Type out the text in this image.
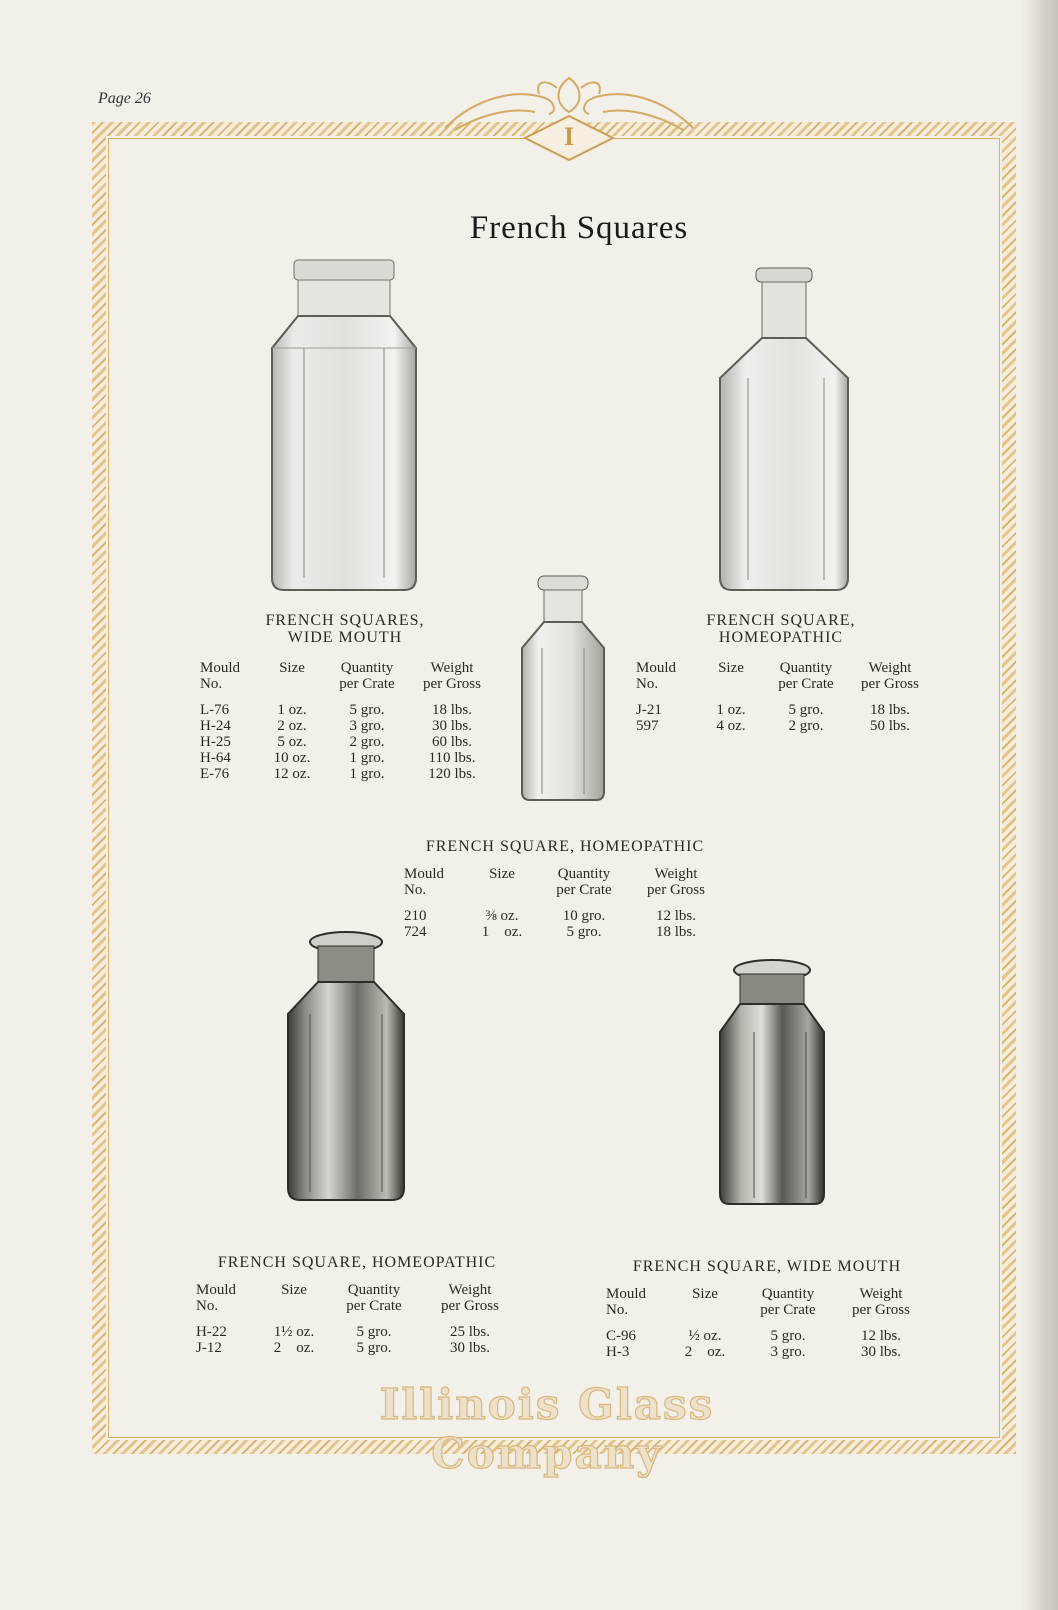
Page 26
I
French Squares
FRENCH SQUARES,
WIDE MOUTH
Mould
No.
Size	Quantity
per Crate
Weight
per Gross
L-76	1 oz.	5 gro.	18 lbs.
H-24	2 oz.	3 gro.	30 lbs.
H-25	5 oz.	2 gro.	60 lbs.
H-64	10 oz.	1 gro.	110 lbs.
E-76	12 oz.	1 gro.	120 lbs.
FRENCH SQUARE,
HOMEOPATHIC
Mould
No.
Size	Quantity
per Crate
Weight
per Gross
J-21	1 oz.	5 gro.	18 lbs.
597	4 oz.	2 gro.	50 lbs.
FRENCH SQUARE, HOMEOPATHIC
Mould
No.
Size	Quantity
per Crate
Weight
per Gross
210	⅜ oz.	10 gro.	12 lbs.
724	1    oz.	5 gro.	18 lbs.
FRENCH SQUARE, HOMEOPATHIC
Mould
No.
Size	Quantity
per Crate
Weight
per Gross
H-22	1½ oz.	5 gro.	25 lbs.
J-12	2    oz.	5 gro.	30 lbs.
FRENCH SQUARE, WIDE MOUTH
Mould
No.
Size	Quantity
per Crate
Weight
per Gross
C-96	½ oz.	5 gro.	12 lbs.
H-3	2    oz.	3 gro.	30 lbs.
Illinois Glass Company
